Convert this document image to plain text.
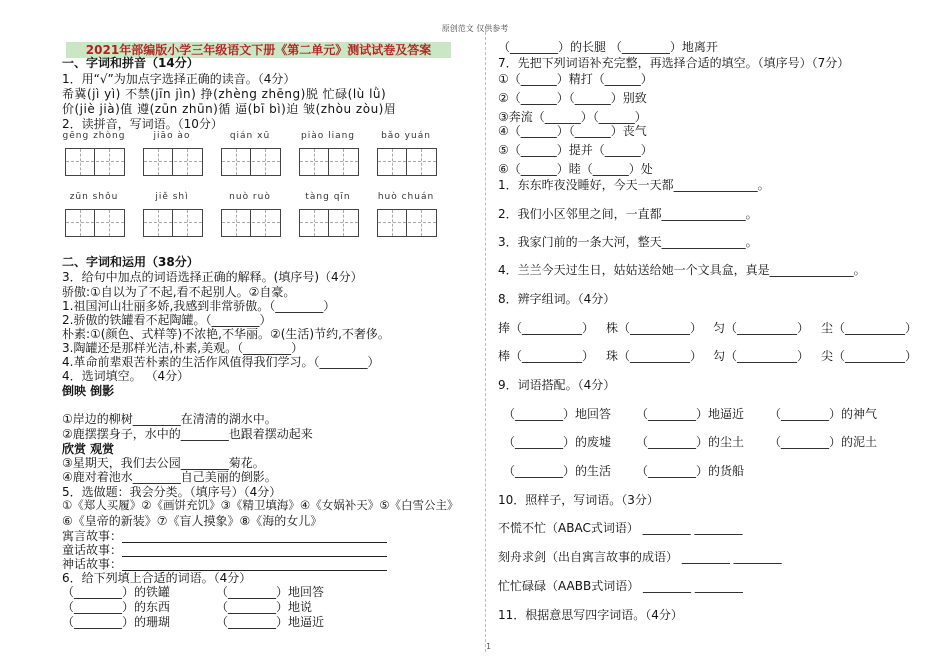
原创范文 仅供参考
1
2021年部编版小学三年级语文下册《第二单元》测试试卷及答案
一、字词和拼音（14分）
1．用“√”为加点字选择正确的读音。（4分）
希冀(jì yì) 不禁(jīn jìn) 挣(zhèng zhēng)脱 忙碌(lù lǜ)
价(jiè jià)值 遵(zūn zhūn)循 逼(bī bì)迫 皱(zhòu zòu)眉
2．读拼音，写词语。（10分）
gēng zhòng	jiāo ào	qián xū	piào liang	bǎo yuán
zūn shǒu	jiě shì	nuò ruò	tàng qīn	huò chuán
二、字词和运用（38分）
3．给句中加点的词语选择正确的解释。(填序号)（4分）
骄傲:①自以为了不起,看不起别人。②自豪。
1.祖国河山壮丽多娇,我感到非常骄傲。（________）
2.骄傲的铁罐看不起陶罐。（________）
朴素:①(颜色、式样等)不浓艳,不华丽。②(生活)节约,不奢侈。
3.陶罐还是那样光洁,朴素,美观。（________）
4.革命前辈艰苦朴素的生活作风值得我们学习。（________）
4．选词填空。 （4分）
倒映 倒影
①岸边的柳树________在清清的湖水中。
②鹿摆摆身子，水中的________也跟着摆动起来
欣赏 观赏
③星期天，我们去公园________菊花。
④鹿对着池水________自己美丽的倒影。
5．选做题：我会分类。（填序号）（4分）
①《郑人买履》②《画饼充饥》③《精卫填海》④《女娲补天》⑤《白雪公主》
⑥《皇帝的新装》⑦《盲人摸象》⑧《海的女儿》
寓言故事：
童话故事：
神话故事：
6．给下列填上合适的词语。（4分）
（________）的铁罐	（________）地回答
（________）的东西	（________）地说
（________）的珊瑚	（________）地逼近
（________）的长腿 （________）地离开
7．先把下列词语补充完整，再选择合适的填空。（填序号）（7分）
①（______）精打（______）
②（______）（______）别致
③奔流（______）（______）
④（______）（______）丧气
⑤（______）提并（______）
⑥（______）睦（______）处
1．东东昨夜没睡好，今天一天都______________。
2．我们小区邻里之间，一直都______________。
3．我家门前的一条大河，整天______________。
4．兰兰今天过生日，姑姑送给她一个文具盒，真是______________。
8．辨字组词。（4分）
捧（__________） 株（__________） 匀（__________） 尘（__________）
棒（__________） 珠（__________） 勾（__________） 尖（__________）
9．词语搭配。（4分）
（________）地回答 （________）地逼近 （________）的神气
（________）的废墟 （________）的尘土 （________）的泥土
（________）的生活 （________）的货船
10．照样子，写词语。（3分）
不慌不忙（ABAC式词语） ________ ________
刻舟求剑（出自寓言故事的成语） ________ ________
忙忙碌碌（AABB式词语） ________ ________
11．根据意思写四字词语。（4分）
